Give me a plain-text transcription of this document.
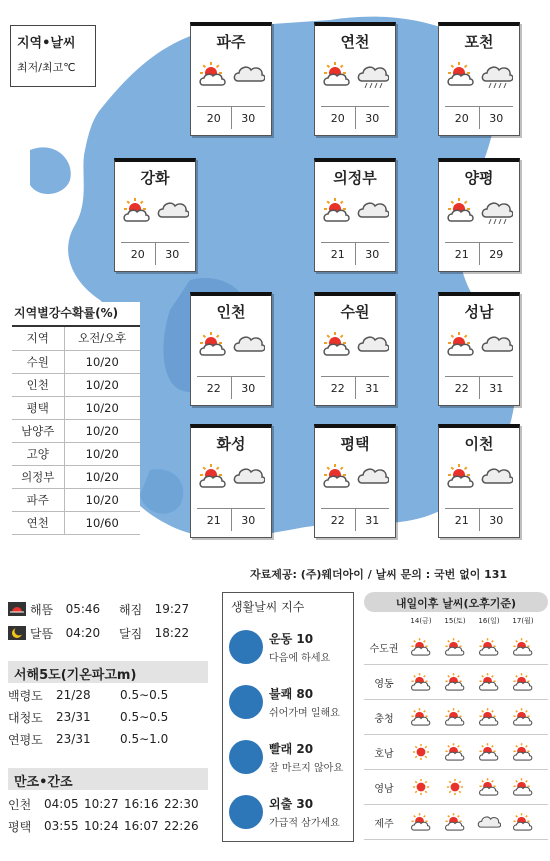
지역•날씨
최저/최고℃
파주
20	30
연천
20	30
포천
20	30
강화
20	30
의정부
21	30
양평
21	29
인천
22	30
수원
22	31
성남
22	31
화성
21	30
평택
22	31
이천
21	30
지역별강수확률(%)
지역	오전/오후
수원	10/20
인천	10/20
평택	10/20
남양주	10/20
고양	10/20
의정부	10/20
파주	10/20
연천	10/60
자료제공: (주)웨더아이 / 날씨 문의 : 국번 없이 131
해뜸	05:46	해짐	19:27
달뜸	04:20	달짐	18:22
서해5도(기온파고m)
백령도	21/28	0.5∼0.5
대청도	23/31	0.5∼0.5
연평도	23/31	0.5∼1.0
만조•간조
인천	04:05 10:27 16:16 22:30
평택	03:55 10:24 16:07 22:26
생활날씨 지수
운동 10
다음에 하세요
불쾌 80
쉬어가며 일해요
빨래 20
잘 마르지 않아요
외출 30
가급적 삼가세요
내일이후 날씨(오후기준)
14(금)	15(토)	16(일)	17(월)
수도권
영동
충청
호남
영남
제주
